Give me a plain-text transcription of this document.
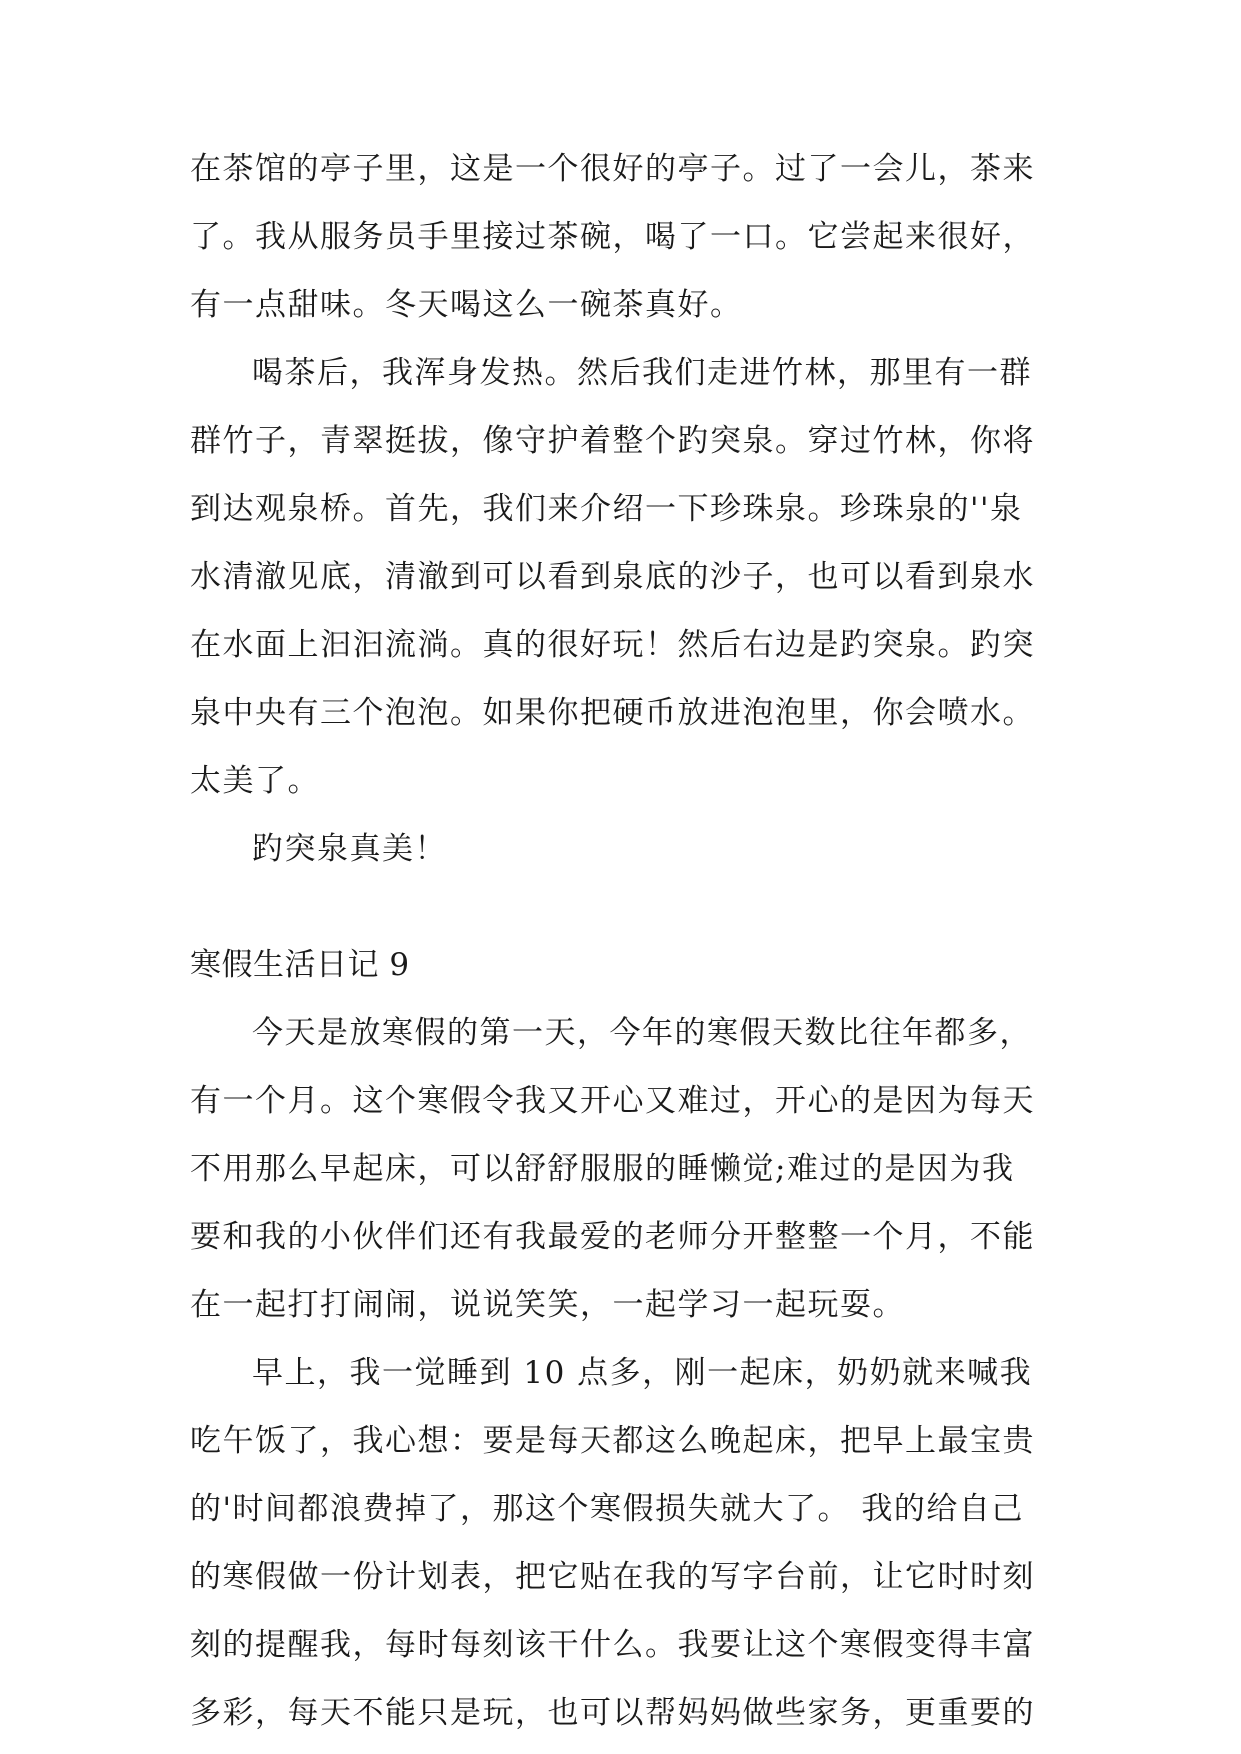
在茶馆的亭子里，这是一个很好的亭子。过了一会儿，茶来
了。我从服务员手里接过茶碗，喝了一口。它尝起来很好，
有一点甜味。冬天喝这么一碗茶真好。
喝茶后，我浑身发热。然后我们走进竹林，那里有一群
群竹子，青翠挺拔，像守护着整个趵突泉。穿过竹林，你将
到达观泉桥。首先，我们来介绍一下珍珠泉。珍珠泉的''泉
水清澈见底，清澈到可以看到泉底的沙子，也可以看到泉水
在水面上汩汩流淌。真的很好玩！然后右边是趵突泉。趵突
泉中央有三个泡泡。如果你把硬币放进泡泡里，你会喷水。
太美了。
趵突泉真美！
寒假生活日记 9
今天是放寒假的第一天，今年的寒假天数比往年都多，
有一个月。这个寒假令我又开心又难过，开心的是因为每天
不用那么早起床，可以舒舒服服的睡懒觉;难过的是因为我
要和我的小伙伴们还有我最爱的老师分开整整一个月，不能
在一起打打闹闹，说说笑笑，一起学习一起玩耍。
早上，我一觉睡到 10 点多，刚一起床，奶奶就来喊我
吃午饭了，我心想：要是每天都这么晚起床，把早上最宝贵
的'时间都浪费掉了，那这个寒假损失就大了。 我的给自己
的寒假做一份计划表，把它贴在我的写字台前，让它时时刻
刻的提醒我，每时每刻该干什么。我要让这个寒假变得丰富
多彩，每天不能只是玩，也可以帮妈妈做些家务，更重要的
